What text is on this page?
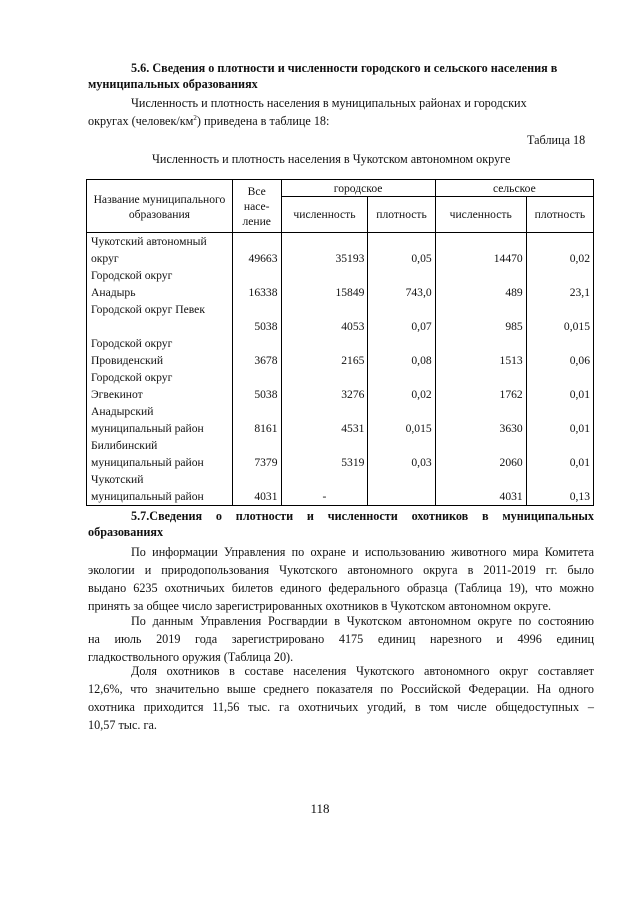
5.6. Сведения о плотности и численности городского и сельского населения в
муниципальных образованиях
Численность и плотность населения в муниципальных районах и городских
округах $(человек/км^2)$ приведена в таблице 18:
Таблица 18
Численность и плотность населения в Чукотском автономном округе
Название муниципального образования	Все насе-ление	городское		сельское	
		численность	плотность	численность	плотность
Чукотский автономный					
округ	49663	35193	0,05	14470	0,02
Городской округ					
Анадырь	16338	15849	743,0	489	23,1
Городской округ Певек					
	5038	4053	0,07	985	0,015
Городской округ					
Провиденский	3678	2165	0,08	1513	0,06
Городской округ					
Эгвекинот	5038	3276	0,02	1762	0,01
Анадырский					
муниципальный район	8161	4531	0,015	3630	0,01
Билибинский					
муниципальный район	7379	5319	0,03	2060	0,01
Чукотский					
муниципальный район	4031	-		4031	0,13
5.7.Сведения о плотности и численности охотников в муниципальных
образованиях
По информации Управления по охране и использованию животного мира Комитета
экологии и природопользования Чукотского автономного округа в 2011-2019 гг. было
выдано 6235 охотничьих билетов единого федерального образца (Таблица 19), что можно
принять за общее число зарегистрированных охотников в Чукотском автономном округе.
По данным Управления Росгвардии в Чукотском автономном округе по состоянию
на июль 2019 года зарегистрировано 4175 единиц нарезного и 4996 единиц
гладкоствольного оружия (Таблица 20).
Доля охотников в составе населения Чукотского автономного округ составляет
12,6%, что значительно выше среднего показателя по Российской Федерации. На одного
охотника приходится 11,56 тыс. га охотничьих угодий, в том числе общедоступных –
10,57 тыс. га.
118
